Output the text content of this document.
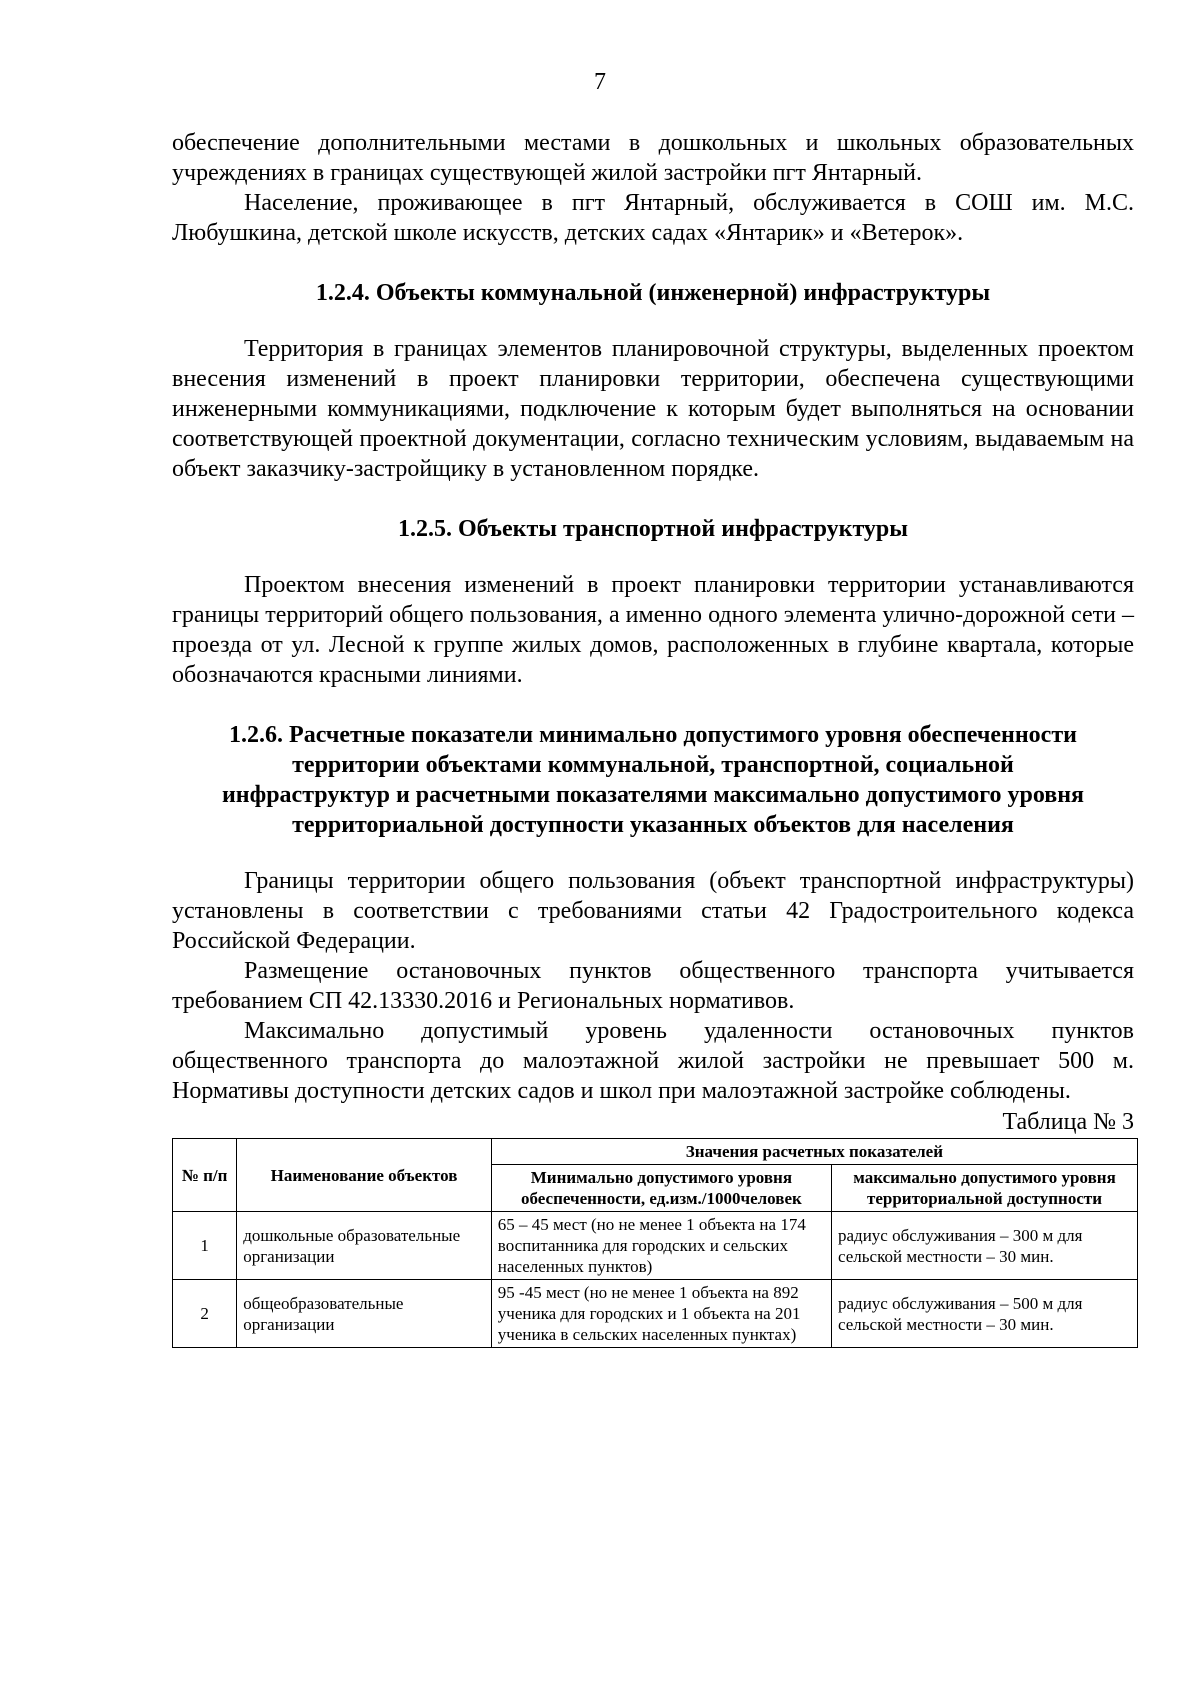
7

обеспечение дополнительными местами в дошкольных и школьных образовательных учреждениях в границах существующей жилой застройки пгт Янтарный.

Население, проживающее в пгт Янтарный, обслуживается в СОШ им. М.С. Любушкина, детской школе искусств, детских садах «Янтарик» и «Ветерок».

1.2.4. Объекты коммунальной (инженерной) инфраструктуры

Территория в границах элементов планировочной структуры, выделенных проектом внесения изменений в проект планировки территории, обеспечена существующими инженерными коммуникациями, подключение к которым будет выполняться на основании соответствующей проектной документации, согласно техническим условиям, выдаваемым на объект заказчику-застройщику в установленном порядке.

1.2.5. Объекты транспортной инфраструктуры

Проектом внесения изменений в проект планировки территории устанавливаются границы территорий общего пользования, а именно одного элемента улично-дорожной сети – проезда от ул. Лесной к группе жилых домов, расположенных в глубине квартала, которые обозначаются красными линиями.

1.2.6. Расчетные показатели минимально допустимого уровня обеспеченности

территории объектами коммунальной, транспортной, социальной

инфраструктур и расчетными показателями максимально допустимого уровня

территориальной доступности указанных объектов для населения

Границы территории общего пользования (объект транспортной инфраструктуры) установлены в соответствии с требованиями статьи 42 Градостроительного кодекса Российской Федерации.

Размещение остановочных пунктов общественного транспорта учитывается требованием СП 42.13330.2016 и Региональных нормативов.

Максимально допустимый уровень удаленности остановочных пунктов общественного транспорта до малоэтажной жилой застройки не превышает 500 м. Нормативы доступности детских садов и школ при малоэтажной застройке соблюдены.

Таблица № 3

№ п/п	Наименование объектов	Значения расчетных показателей	
		Минимально допустимого уровня обеспеченности, ед.изм./1000человек	максимально допустимого уровня территориальной доступности
1	дошкольные образовательные организации	65 – 45 мест (но не менее 1 объекта на 174 воспитанника для городских и сельских населенных пунктов)	радиус обслуживания – 300 м для сельской местности – 30 мин.
2	общеобразовательные организации	95 -45 мест (но не менее 1 объекта на 892 ученика для городских и 1 объекта на 201 ученика в сельских населенных пунктах)	радиус обслуживания – 500 м для сельской местности – 30 мин.
